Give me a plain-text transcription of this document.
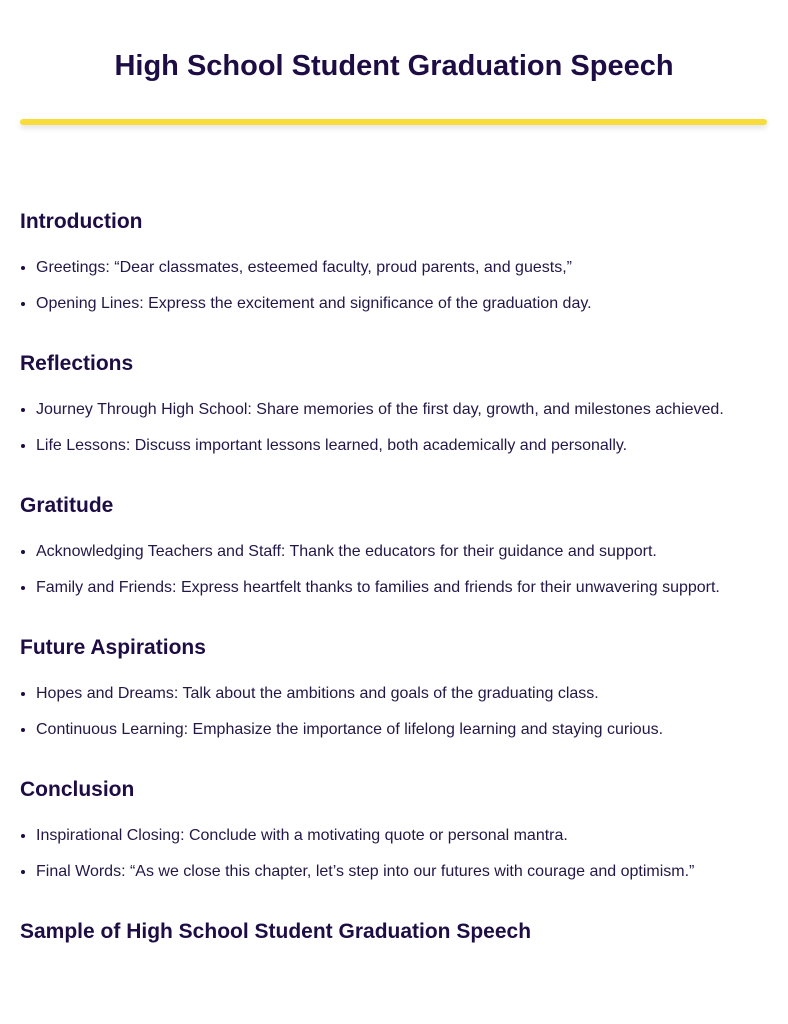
High School Student Graduation Speech
Introduction
• Greetings: “Dear classmates, esteemed faculty, proud parents, and guests,”
• Opening Lines: Express the excitement and significance of the graduation day.
Reflections
• Journey Through High School: Share memories of the first day, growth, and milestones achieved.
• Life Lessons: Discuss important lessons learned, both academically and personally.
Gratitude
• Acknowledging Teachers and Staff: Thank the educators for their guidance and support.
• Family and Friends: Express heartfelt thanks to families and friends for their unwavering support.
Future Aspirations
• Hopes and Dreams: Talk about the ambitions and goals of the graduating class.
• Continuous Learning: Emphasize the importance of lifelong learning and staying curious.
Conclusion
• Inspirational Closing: Conclude with a motivating quote or personal mantra.
• Final Words: “As we close this chapter, let’s step into our futures with courage and optimism.”
Sample of High School Student Graduation Speech
